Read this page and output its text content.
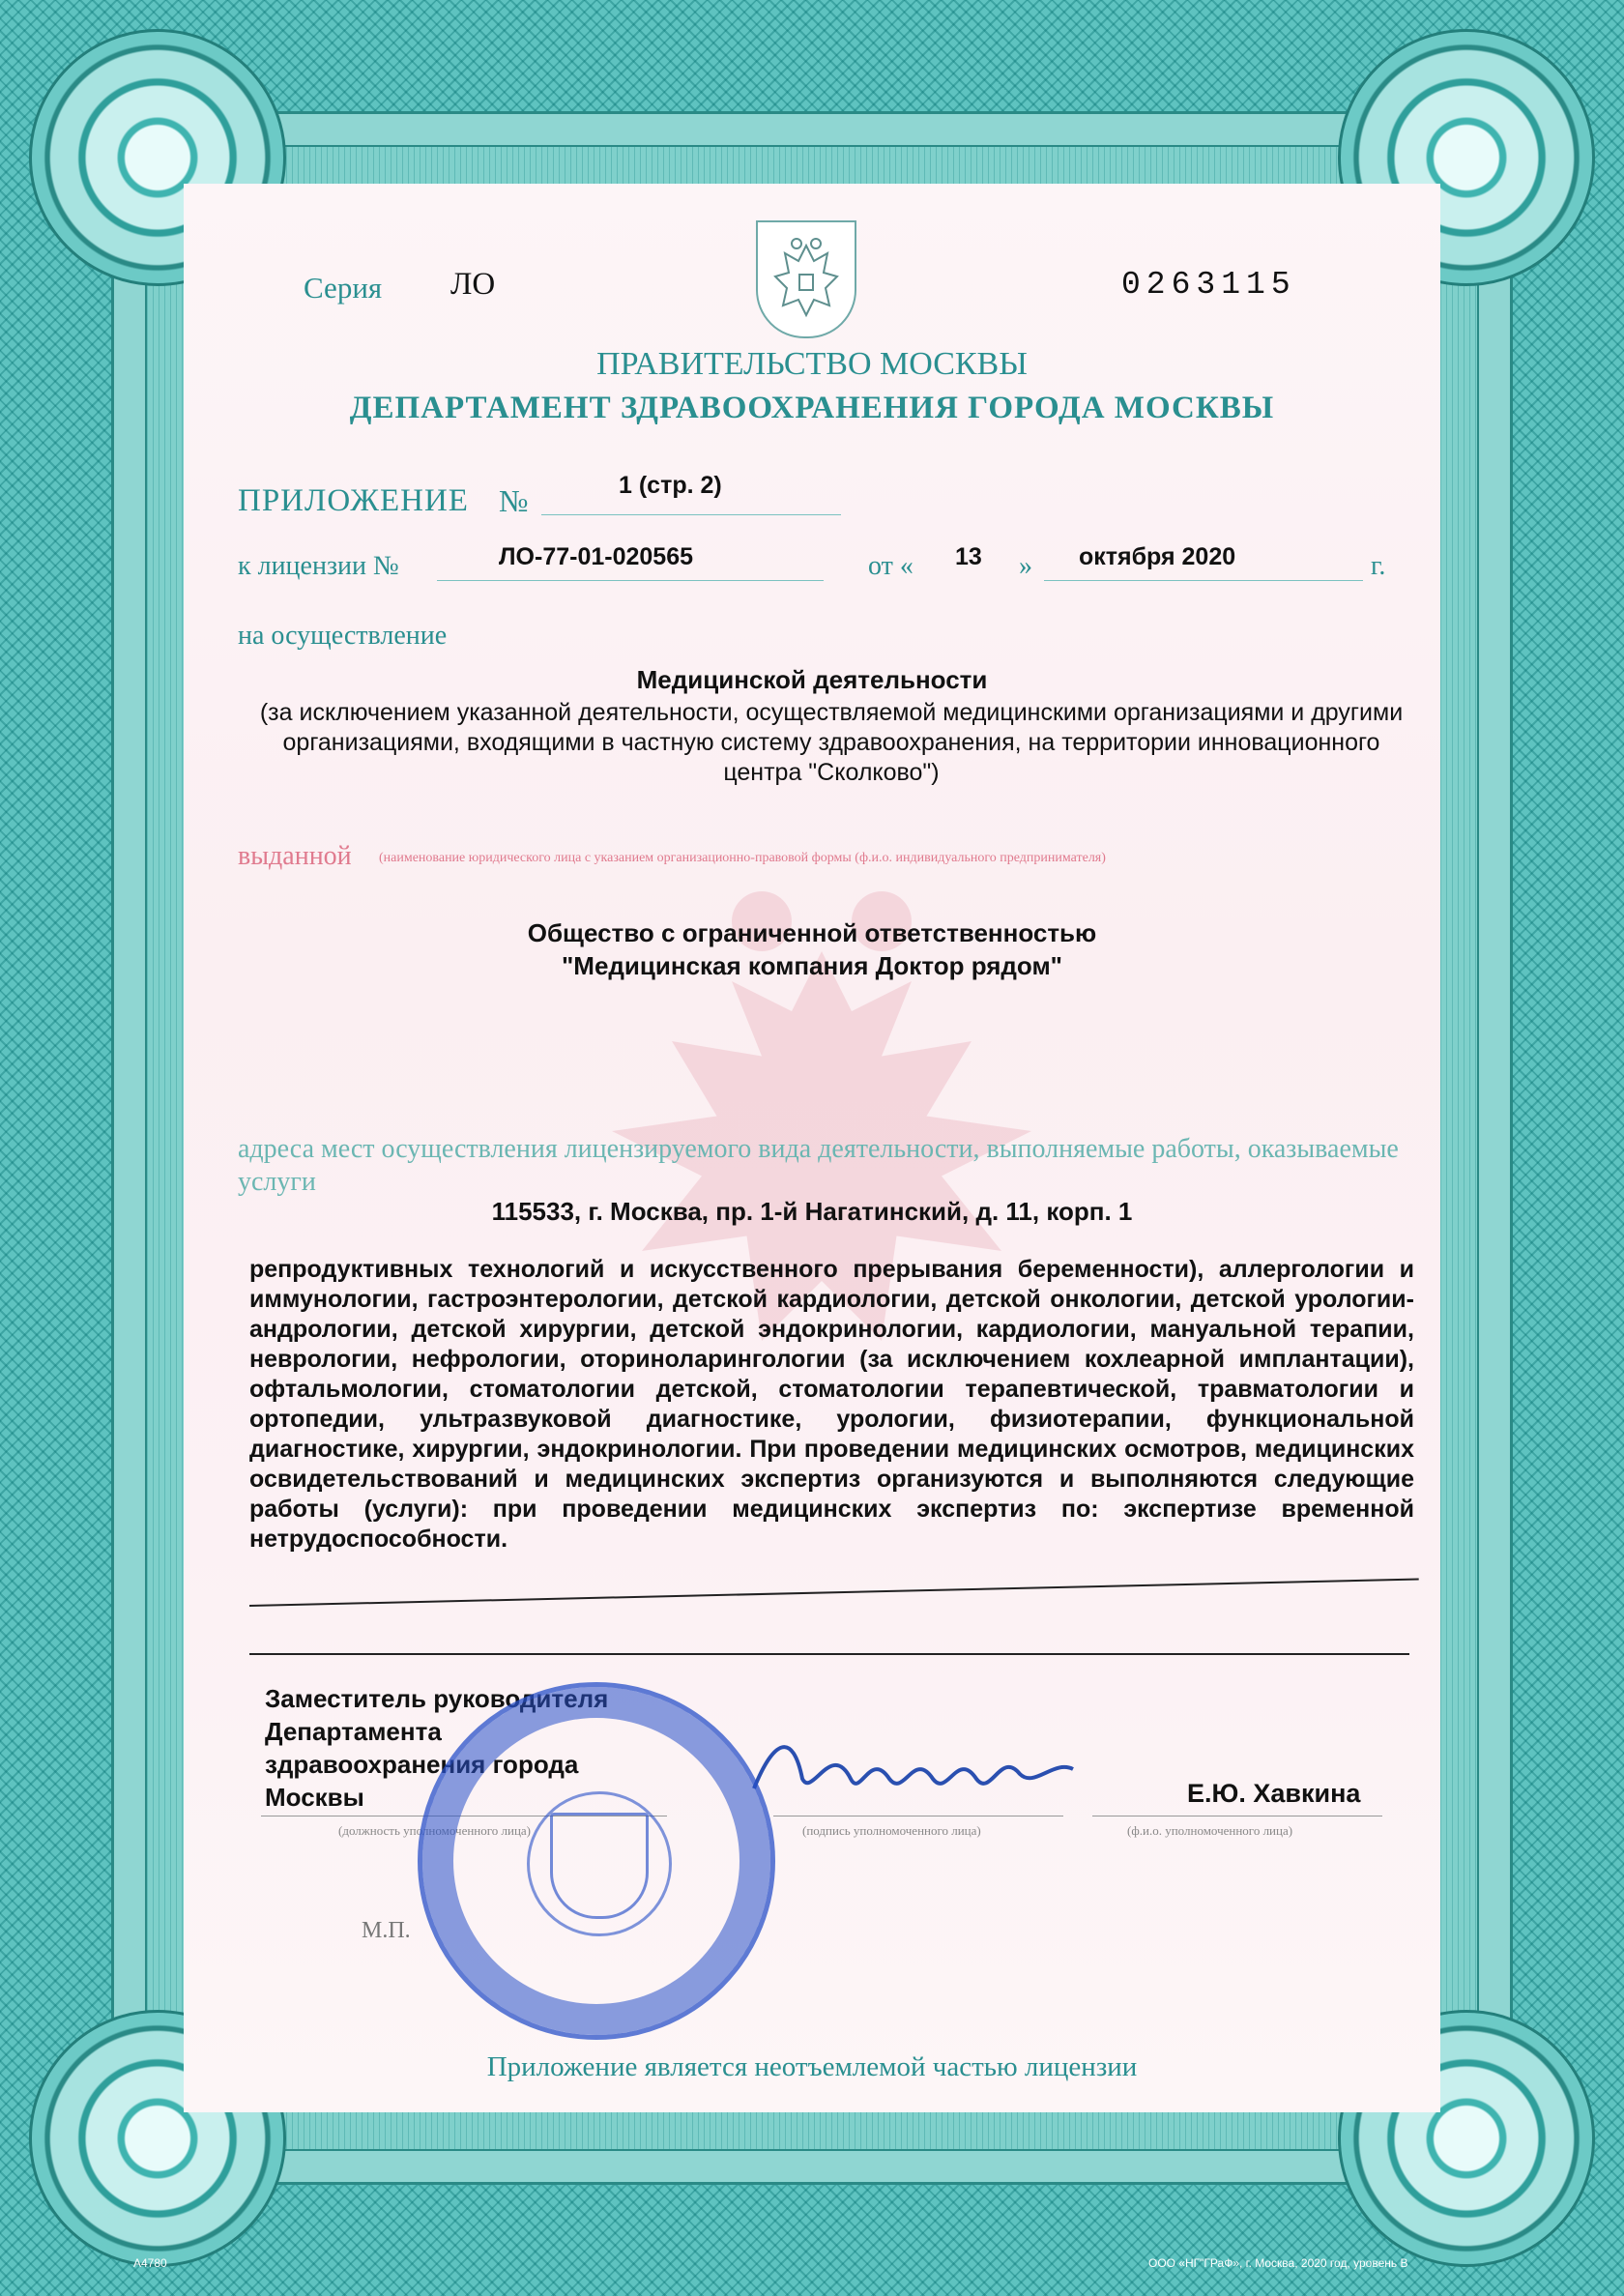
Серия ЛО	0263115
ПРАВИТЕЛЬСТВО МОСКВЫ
ДЕПАРТАМЕНТ ЗДРАВООХРАНЕНИЯ ГОРОДА МОСКВЫ
ПРИЛОЖЕНИЕ №	1 (стр. 2)
к лицензии №	ЛО-77-01-020565	от « 13 » октября 2020	г.
на осуществление
Медицинской деятельности
(за исключением указанной деятельности, осуществляемой медицинскими организациями и другими организациями, входящими в частную систему здравоохранения, на территории инновационного центра "Сколково")
выданной (наименование юридического лица с указанием организационно-правовой формы (ф.и.о. индивидуального предпринимателя)
Общество с ограниченной ответственностью
"Медицинская компания Доктор рядом"
адреса мест осуществления лицензируемого вида деятельности, выполняемые работы, оказываемые услуги
115533, г. Москва, пр. 1-й Нагатинский, д. 11, корп. 1
репродуктивных технологий и искусственного прерывания беременности), аллергологии и иммунологии, гастроэнтерологии, детской кардиологии, детской онкологии, детской урологии-андрологии, детской хирургии, детской эндокринологии, кардиологии, мануальной терапии, неврологии, нефрологии, оториноларингологии (за исключением кохлеарной имплантации), офтальмологии, стоматологии детской, стоматологии терапевтической, травматологии и ортопедии, ультразвуковой диагностике, урологии, физиотерапии, функциональной диагностике, хирургии, эндокринологии. При проведении медицинских осмотров, медицинских освидетельствований и медицинских экспертиз организуются и выполняются следующие работы (услуги): при проведении медицинских экспертиз по: экспертизе временной нетрудоспособности.
Заместитель руководителя
Департамента
здравоохранения города
Москвы
(должность уполномоченного лица)	(подпись уполномоченного лица)
Е.Ю. Хавкина
(ф.и.о. уполномоченного лица)
М.П.
Приложение является неотъемлемой частью лицензии
А4780	ООО «НГ"ГРаФ», г. Москва, 2020 год, уровень В
